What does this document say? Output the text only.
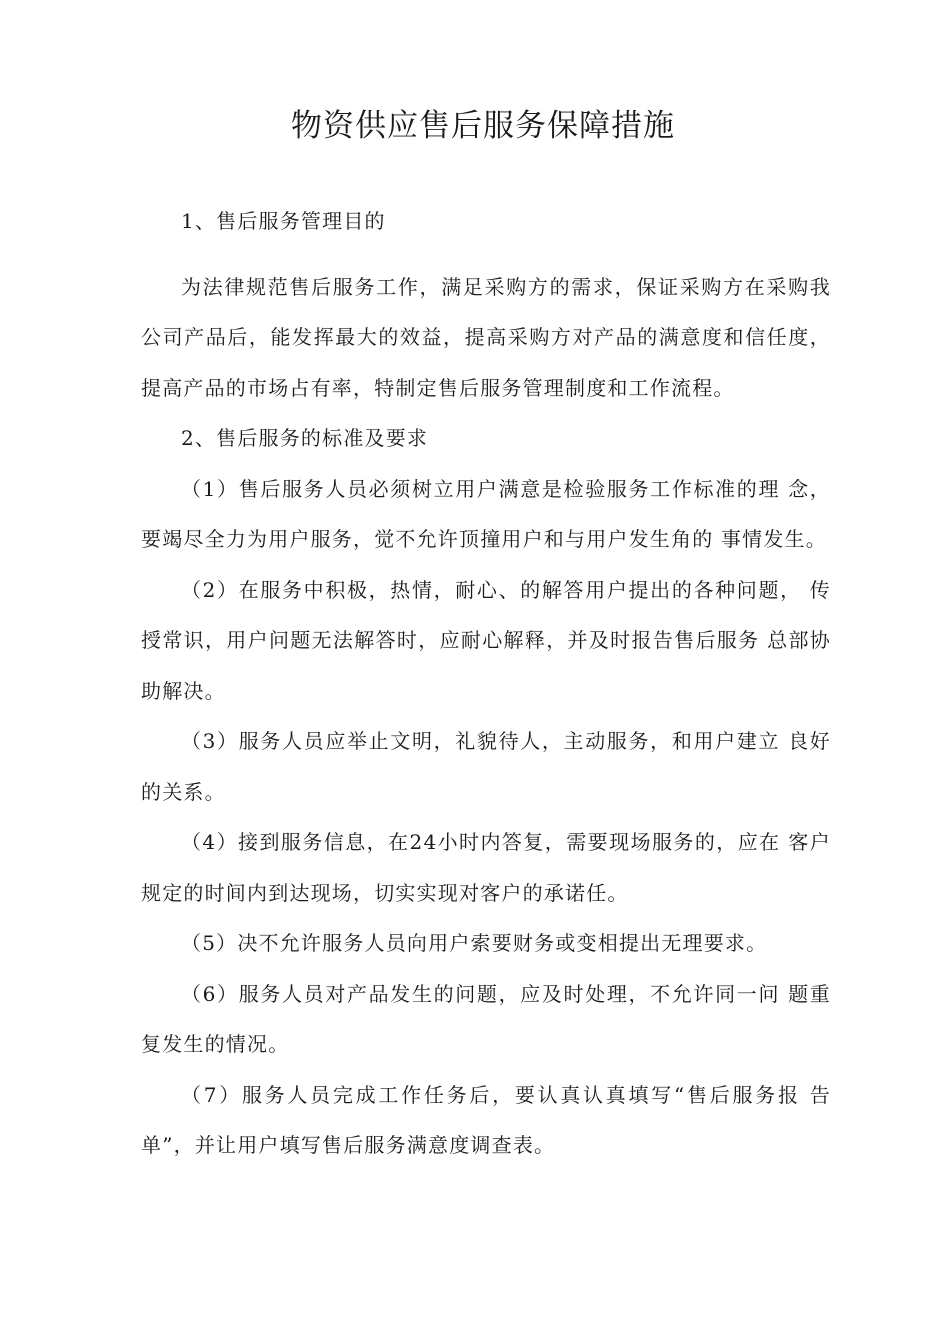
物资供应售后服务保障措施

1、售后服务管理目的

为法律规范售后服务工作，满足采购方的需求，保证采购方在采购我公司产品后，能发挥最大的效益，提高采购方对产品的满意度和信任度，提高产品的市场占有率，特制定售后服务管理制度和工作流程。

2、售后服务的标准及要求

（1）售后服务人员必须树立用户满意是检验服务工作标准的理 念，要竭尽全力为用户服务，觉不允许顶撞用户和与用户发生角的 事情发生。

（2）在服务中积极，热情，耐心、的解答用户提出的各种问题， 传授常识，用户问题无法解答时，应耐心解释，并及时报告售后服务 总部协助解决。

（3）服务人员应举止文明，礼貌待人，主动服务，和用户建立 良好的关系。

（4）接到服务信息，在24小时内答复，需要现场服务的，应在 客户规定的时间内到达现场，切实实现对客户的承诺任。

（5）决不允许服务人员向用户索要财务或变相提出无理要求。

（6）服务人员对产品发生的问题，应及时处理，不允许同一问 题重复发生的情况。

（7）服务人员完成工作任务后，要认真认真填写“售后服务报 告单”，并让用户填写售后服务满意度调查表。
